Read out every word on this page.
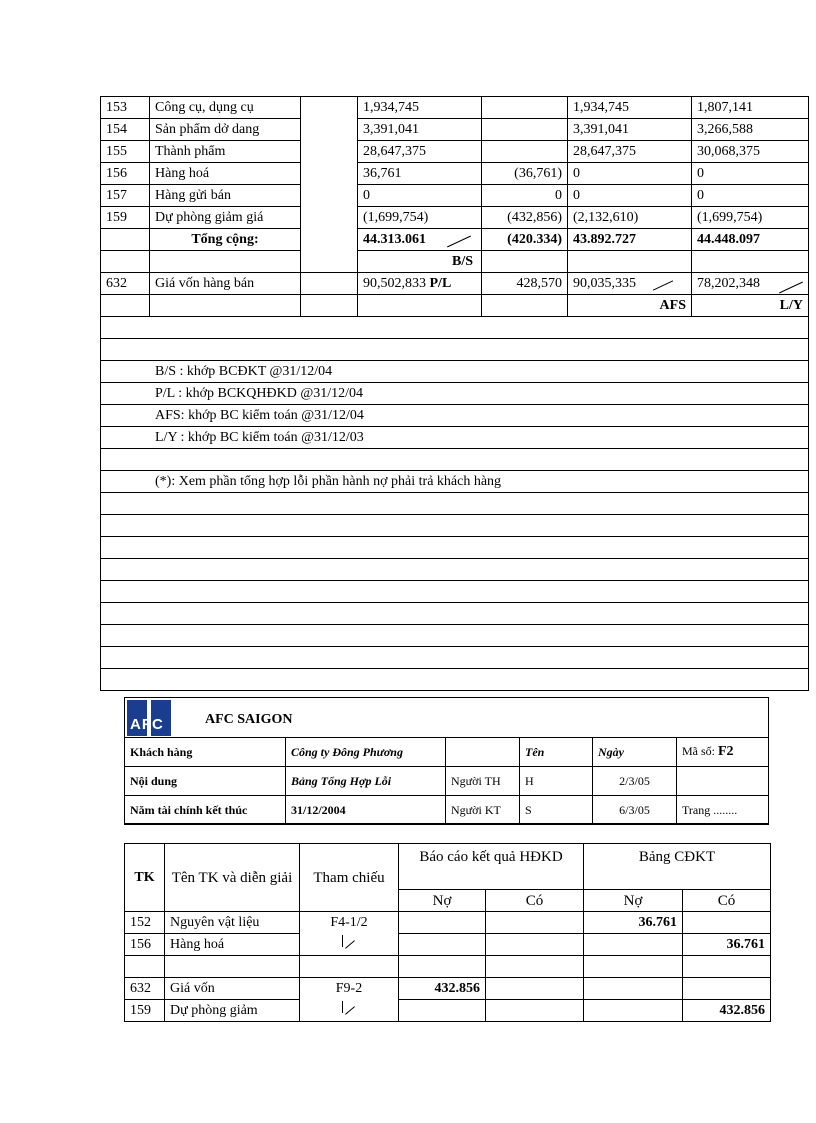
153	Công cụ, dụng cụ		1,934,745		1,934,745	1,807,141
154	Sản phẩm dở dang		3,391,041		3,391,041	3,266,588
155	Thành phẩm		28,647,375		28,647,375	30,068,375
156	Hàng hoá		36,761	(36,761)	0	0
157	Hàng gửi bán		0	0	0	0
159	Dự phòng giảm giá		(1,699,754)	(432,856)	(2,132,610)	(1,699,754)
	Tổng cộng:		44.313.061	(420.334)	43.892.727	44.448.097
			B/S			
632	Giá vốn hàng bán		90,502,833 P/L	428,570	90,035,335	78,202,348

					AFS	L/Y

B/S : khớp BCĐKT @31/12/04						
P/L : khớp BCKQHĐKD @31/12/04						
AFS: khớp BC kiểm toán @31/12/04						
L/Y : khớp BC kiểm toán @31/12/03						

(*): Xem phần tổng hợp lỗi phần hành nợ phải trả khách hàng						

AFC	AFC SAIGON
Khách hàng	Công ty Đông Phương		Tên	Ngày	Mã số: F2
Nội dung	Bảng Tổng Hợp Lỗi	Người TH	H	2/3/05	
Năm tài chính kết thúc	31/12/2004	Người KT	S	6/3/05	Trang ........
TK	Tên TK và diễn giải	Tham chiếu	Báo cáo kết quả HĐKD		Bảng CĐKT	
			Nợ	Có	Nợ	Có
152	Nguyên vật liệu	F4-1/2			36.761	
156	Hàng hoá					36.761

632	Giá vốn	F9-2	432.856			
159	Dự phòng giảm					432.856
